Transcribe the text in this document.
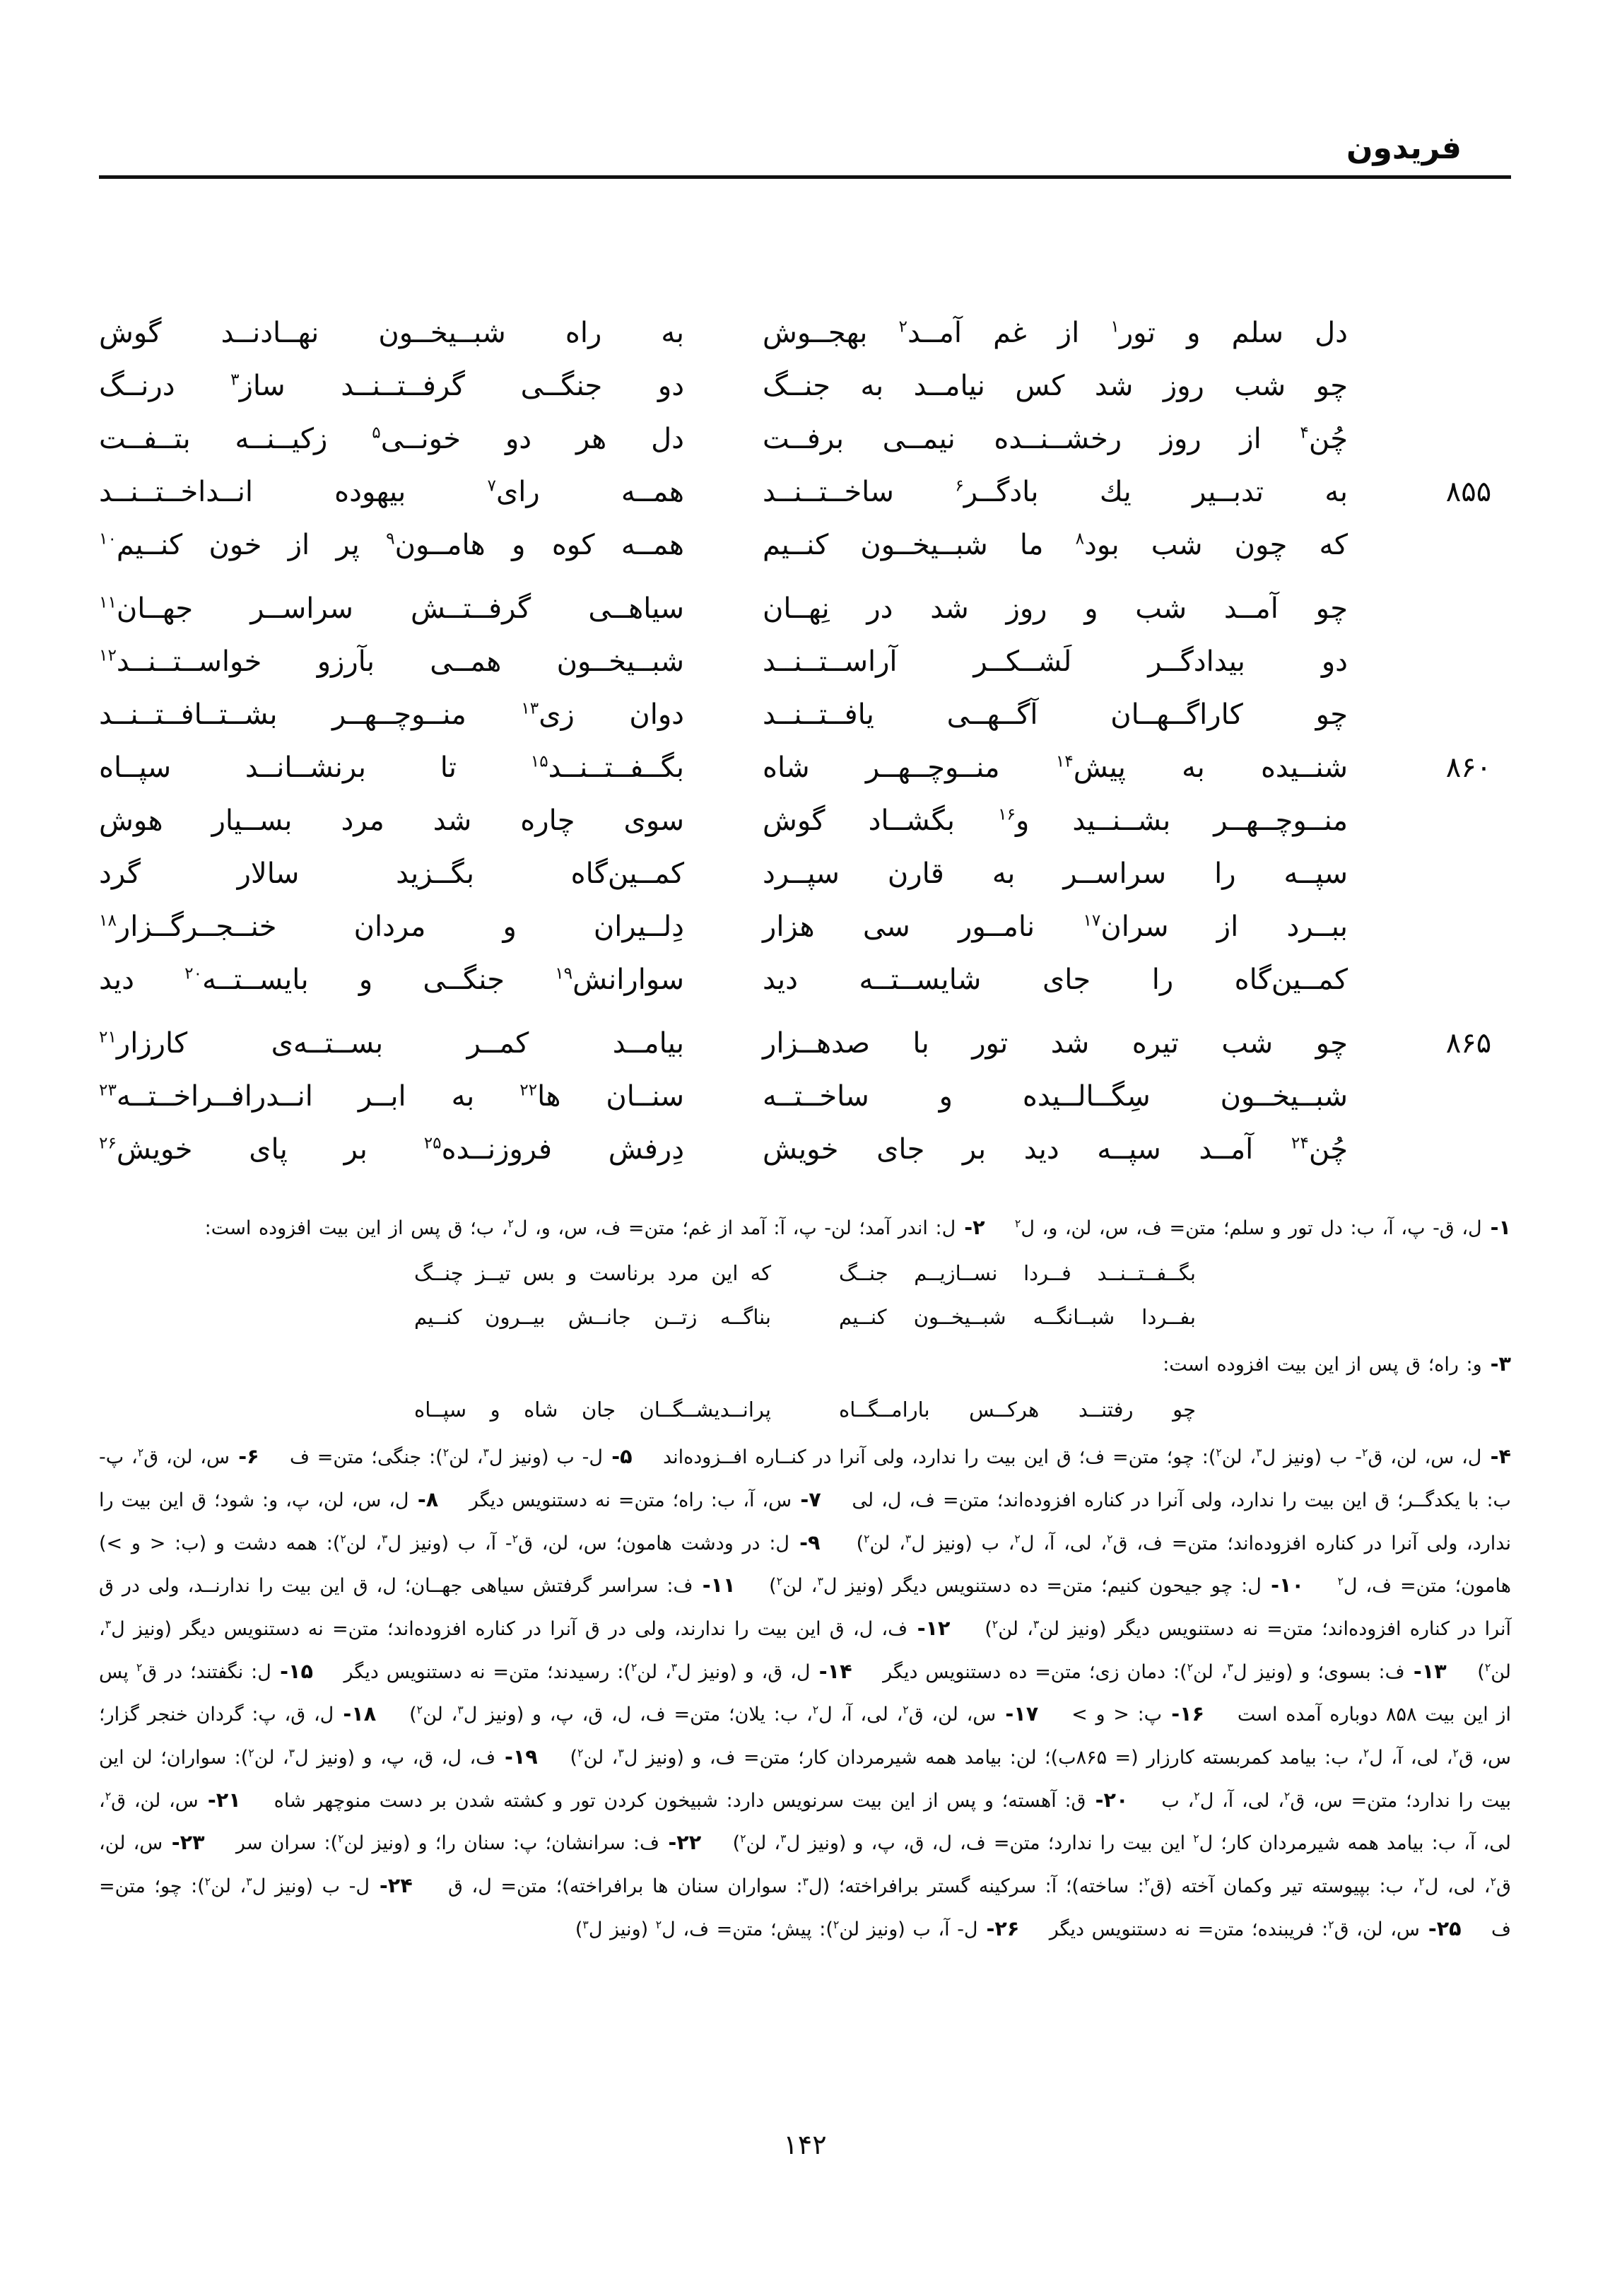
فریدون
دل سلم و تور$^۱$ از غم آمــد$^۲$ بهجــوش
به راه شبــیخــون نهــادنــد گوش
چو شب روز شد کس نیامــد به جنــگ
دو جنگــی گرفــتــنــد ساز$^۳$ درنــگ
چُن$^۴$ از روز رخشــنــده نیمــی برفــت
دل هر دو خونــی$^۵$ زکیــنــه بتــفــت
۸۵۵
به تدبــیر یك بادگــر$^۶$ ساخــتــنــد
همــه رای$^۷$ بیهوده انــداخــتــنــد
که چون شب بود$^۸$ ما شبــیخــون کنــیم
همــه کوه و هامــون$^۹$ پر از خون کنــیم$^{۱۰}$
چو آمــد شب و روز شد در نِهــان
سیاهــی گرفــتــش سراســر جهــان$^{۱۱}$
دو بیدادگــر لَشــکــر آراســتــنــد
شبــیخــون همــی بآرزو خواســتــنــد$^{۱۲}$
چو کاراگــهــان آگــهــی یافــتــنــد
دوان زی$^{۱۳}$ منــوچــهــر بشــتــافــتــنــد
۸۶۰
شنــیده به پیش$^{۱۴}$ منــوچــهــر شاه
بگــفــتــنــد$^{۱۵}$ تا برنشــانــد سپــاه
منــوچــهــر بشــنــید و$^{۱۶}$ بگشــاد گوش
سوی چاره شد مرد بســیار هوش
سپــه را سراســر به قارن سپــرد
کمــین‌گاه بگــزید سالار گرد
ببــرد از سران$^{۱۷}$ نامــور سی هزار
دِلــیران و مردان خنــجــرگــزار$^{۱۸}$
کمــین‌گاه را جای شایســتــه دید
سوارانش$^{۱۹}$ جنگــی و بایســتــه$^{۲۰}$ دید
۸۶۵
چو شب تیره شد تور با صدهــزار
بیامــد کمــر بســتــه‌ی کارزار$^{۲۱}$
شبــیخــون سِگــالــیده و ساخــتــه
سنــان ها$^{۲۲}$ به ابــر انــدرافــراخــتــه$^{۲۳}$
چُن$^{۲۴}$ آمــد سپــه دید بر جای خویش
دِرفش فروزنــده$^{۲۵}$ بر پای خویش$^{۲۶}$
۱- ل، ق- پ، آ، ب: دل تور و سلم؛ متن= ف، س، لن، و، ل$^۲$    ۲- ل: اندر آمد؛ لن- پ، آ: آمد از غم؛ متن= ف، س، و، ل$^۲$، ب؛ ق پس از این بیت افزوده است:
بگــفــتــنــد فــردا نســازیــم جنــگ
که این مرد برناست و بس تیــز چنــگ
بفــردا شبــانگــه شبــیخــون کنــیم
بناگــه زتــن جانــش بیــرون کنــیم
۳- و: راه؛ ق پس از این بیت افزوده است:
چو رفتنــد هرکــس بارامــگــاه
پرانــدیشــگــان جان شاه و سپــاه
۴- ل، س، لن، ق$^۲$- ب (ونیز ل$^۳$، لن$^۲$): چو؛ متن= ف؛ ق این بیت را ندارد، ولی آنرا در کنــاره افــزوده‌اند    ۵- ل- ب (ونیز ل$^۳$، لن$^۲$): جنگی؛ متن= ف    ۶- س، لن، ق$^۲$، پ- ب: با یکدگــر؛ ق این بیت را ندارد، ولی آنرا در کناره افزوده‌اند؛ متن= ف، ل، لی    ۷- س، آ، ب: راه؛ متن= نه دستنویس دیگر    ۸- ل، س، لن، پ، و: شود؛ ق این بیت را ندارد، ولی آنرا در کناره افزوده‌اند؛ متن= ف، ق$^۲$، لی، آ، ل$^۲$، ب (ونیز ل$^۳$، لن$^۲$)    ۹- ل: در ودشت هامون؛ س، لن، ق$^۲$- آ، ب (ونیز ل$^۳$، لن$^۲$): همه دشت و (ب: < و >) هامون؛ متن= ف، ل$^۲$    ۱۰- ل: چو جیحون کنیم؛ متن= ده دستنویس دیگر (ونیز ل$^۳$، لن$^۲$)    ۱۱- ف: سراسر گرفتش سیاهی جهــان؛ ل، ق این بیت را ندارنــد، ولی در ق آنرا در کناره افزوده‌اند؛ متن= نه دستنویس دیگر (ونیز لن$^۳$، لن$^۲$)    ۱۲- ف، ل، ق این بیت را ندارند، ولی در ق آنرا در کناره افزوده‌اند؛ متن= نه دستنویس دیگر (ونیز ل$^۳$، لن$^۲$)    ۱۳- ف: بسوی؛ و (ونیز ل$^۳$، لن$^۲$): دمان زی؛ متن= ده دستنویس دیگر    ۱۴- ل، ق، و (ونیز ل$^۳$، لن$^۲$): رسیدند؛ متن= نه دستنویس دیگر    ۱۵- ل: نگفتند؛ در ق$^۲$ پس از این بیت ۸۵۸ دوباره آمده است    ۱۶- پ: < و >    ۱۷- س، لن، ق$^۲$، لی، آ، ل$^۲$، ب: یلان؛ متن= ف، ل، ق، پ، و (ونیز ل$^۳$، لن$^۲$)    ۱۸- ل، ق، پ: گردان خنجر گزار؛ س، ق$^۲$، لی، آ، ل$^۲$، ب: بیامد کمربسته کارزار (= ۸۶۵ب)؛ لن: بیامد همه شیرمردان کار؛ متن= ف، و (ونیز ل$^۳$، لن$^۲$)    ۱۹- ف، ل، ق، پ، و (ونیز ل$^۳$، لن$^۲$): سواران؛ لن این بیت را ندارد؛ متن= س، ق$^۲$، لی، آ، ل$^۲$، ب    ۲۰- ق: آهسته؛ و پس از این بیت سرنویس دارد: شبیخون کردن تور و کشته شدن بر دست منوچهر شاه    ۲۱- س، لن، ق$^۲$، لی، آ، ب: بیامد همه شیرمردان کار؛ ل$^۲$ این بیت را ندارد؛ متن= ف، ل، ق، پ، و (ونیز ل$^۳$، لن$^۲$)    ۲۲- ف: سرانشان؛ پ: سنان را؛ و (ونیز لن$^۲$): سران سر    ۲۳- س، لن، ق$^۲$، لی، ل$^۲$، ب: بپیوسته تیر وکمان آخته (ق$^۲$: ساخته)؛ آ: سرکینه گستر برافراخته؛ (ل$^۳$: سواران سنان ها برافراخته)؛ متن= ل، ق    ۲۴- ل- ب (ونیز ل$^۳$، لن$^۲$): چو؛ متن= ف    ۲۵- س، لن، ق$^۲$: فریبنده؛ متن= نه دستنویس دیگر    ۲۶- ل- آ، ب (ونیز لن$^۲$): پیش؛ متن= ف، ل$^۲$ (ونیز ل$^۳$)
۱۴۲
